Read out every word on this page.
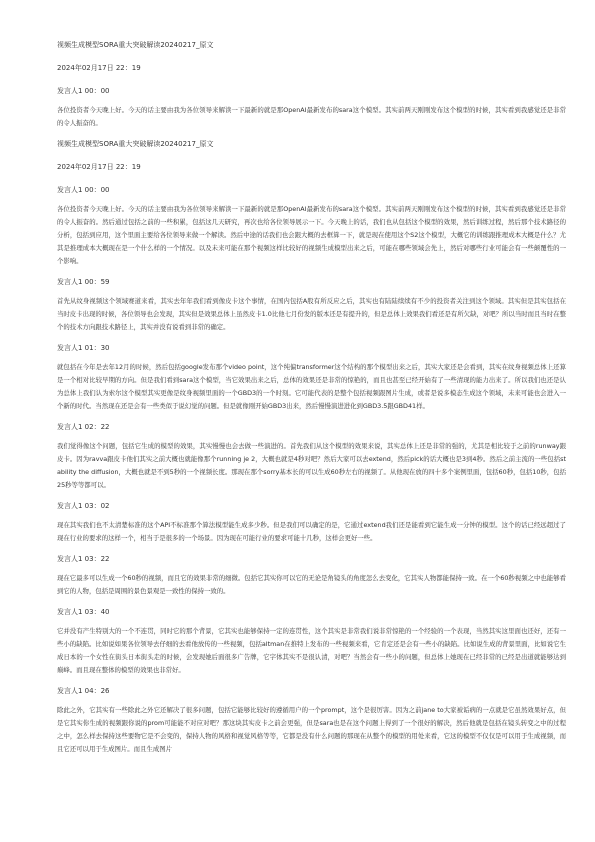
视频生成模型SORA重大突破解读20240217_原文

2024年02月17日 22：19

发言人1 00：00

各位投资者今天晚上好。今天的话主要由我为各位领导来解读一下最新的就是那OpenAI最新发布的sara这个模型。其实前两天刚刚发布这个模型的时候，其实看到我感觉还是非常的令人振奋的。

视频生成模型SORA重大突破解读20240217_原文

2024年02月17日 22：19

发言人1 00：00

各位投资者今天晚上好。今天的话主要由我为各位领导来解读一下最新的就是那OpenAI最新发布的sara这个模型。其实前两天刚刚发布这个模型的时候，其实看到我感觉还是非常的令人振奋的。然后通过包括之前的一些积累，包括这几天研究，再次也给各位领导展示一下。今天晚上的话，我们也从包括这个模型的效果，然后训练过程，然后那个技术路径的分析，包括到应用，这个里面主要给各位领导来做一个解读。然后中途的话我们也会跟大概的去框算一下，就是现在使用这个S2这个模型，大概它的训练跟推理成本大概是什么？尤其是推理成本大概现在是一个什么样的一个情况。以及未来可能在那个视频这样比较好的视频生成模型出来之后，可能在哪些领域会先上，然后对哪些行业可能会有一些颠覆性的一个影响。

发言人1 00：59

首先从纹身视频这个领域赛道来看，其实去年年我们看到像皮卡这个事情，在国内包括A股有所反应之后，其实也有陆陆续续有不少的投资者关注到这个领域。其实但是其实包括在当时皮卡出现的时候，各位领导也会发现，其实但是效果总体上虽然皮卡1.0比他七月份发的版本还是有提升的，但是总体上效果我们看还是有所欠缺，对吧？所以当时而且当时在整个的技术方向跟技术路径上，其实并没有说看到非常的确定。

发言人1 01：30

就包括在今年是去年12月的时候，然后包括google发布那个video point，这个纯偏transformer这个结构的那个模型出来之后，其实大家还是会看到，其实在纹身视频总体上还算是一个相对比较早期的方向。但是我们看到sara这个模型，当它效果出来之后，总体的效果还是非常的惊艳的，而且也甚至已经开始有了一些清现的能力出来了。所以我们也还是认为总体上我们认为索尔这个模型其实更像是纹身视频里面的一个GBD3的一个时刻。它可能代表的是整个包括视频跟图片生成，或者是说多模态生成这个领域，未来可能也会进入一个新的时代。当然现在还是会有一些类似于说幻觉的问题。但是就像刚开始GBD3出来，然后慢慢演进进化到GBD3.5跟GBD41样。

发言人1 02：22

我们觉得像这个问题，包括它生成的模型的效果，其实慢慢也会去做一些演进的。首先我们从这个模型的效果来说，其实总体上还是非常的强的，尤其是相比较于之前的runway跟皮卡。因为ravva跟皮卡他们其实之前大概也就能像那个running je 2，大概也就是4秒对吧？然后大家可以去extend，然后pick的话大概也是3到4秒。然后之前主流的一些包括stability the diffusion，大概也就是不到5秒的一个视频长度。那现在那个sorry基本长的可以生成60秒左右的视频了。从他现在放的四十多个案例里面，包括60秒，包括10秒，包括25秒等等都可以。

发言人1 03：02

现在其实我们也不太清楚标准的这个API不标准那个算法模型能生成多少秒。但是我们可以确定的是，它通过extend我们还是能看到它能生成一分钟的模型。这个的话已经远超过了现在行业的要求的这样一个，相当于是很多的一个场景。因为现在可能行业的要求可能十几秒，这样会更好一些。

发言人1 03：22

现在它最多可以生成一个60秒的视频，而且它的效果非常的细微。包括它其实你可以它的无论是角镜头的角度怎么去变化，它其实人物都能保持一致。在一个60秒视频之中也能够看到它的人物，包括是周围的景色景观是一致性的保持一致的。

发言人1 03：40

它并没有产生特别大的一个不连贯，同时它的那个背景，它其实也能够保持一定的连贯性，这个其实是非常我们说非常惊艳的一个经验的一个表现，当然其实这里面也还好，还有一些小的缺陷。比如说如果各位领导去仔细的去看他放传的一些视频，包括altman在推特上发布的一些视频来看，它肯定还是会有一些小的缺陷。比如说生成的背景里面，比如说它生成日本的一个女性在街头日本街头走的时候，会发现她后面很多广告牌，它字体其实不是很认清，对吧？当然会有一些小的问题，但总体上她现在已经非常的已经是出道就能够达到巅峰。而且现在整体的模型的效果也非常好。

发言人1 04：26

除此之外，它其实有一些除此之外它还解决了很多问题，包括它能够比较好的遵循用户的一个prompt，这个是很厉害。因为之前jane to大家被诟病的一点就是它虽然效果好点，但是它其实你生成的视频跟你说的prom可能能不对应对吧？那这块其实皮卡之前会更强，但是sara也是在这个问题上得到了一个很好的解决，然后他就是包括在镜头转变之中的过程之中，怎么样去保持这些要物它是不会变的，保持人物的风格和视觉风格等等，它都是没有什么问题的那现在从整个的模型的用处来看，它这的模型不仅仅是可以用于生成视频，而且它还可以用于生成图片。而且生成图片
